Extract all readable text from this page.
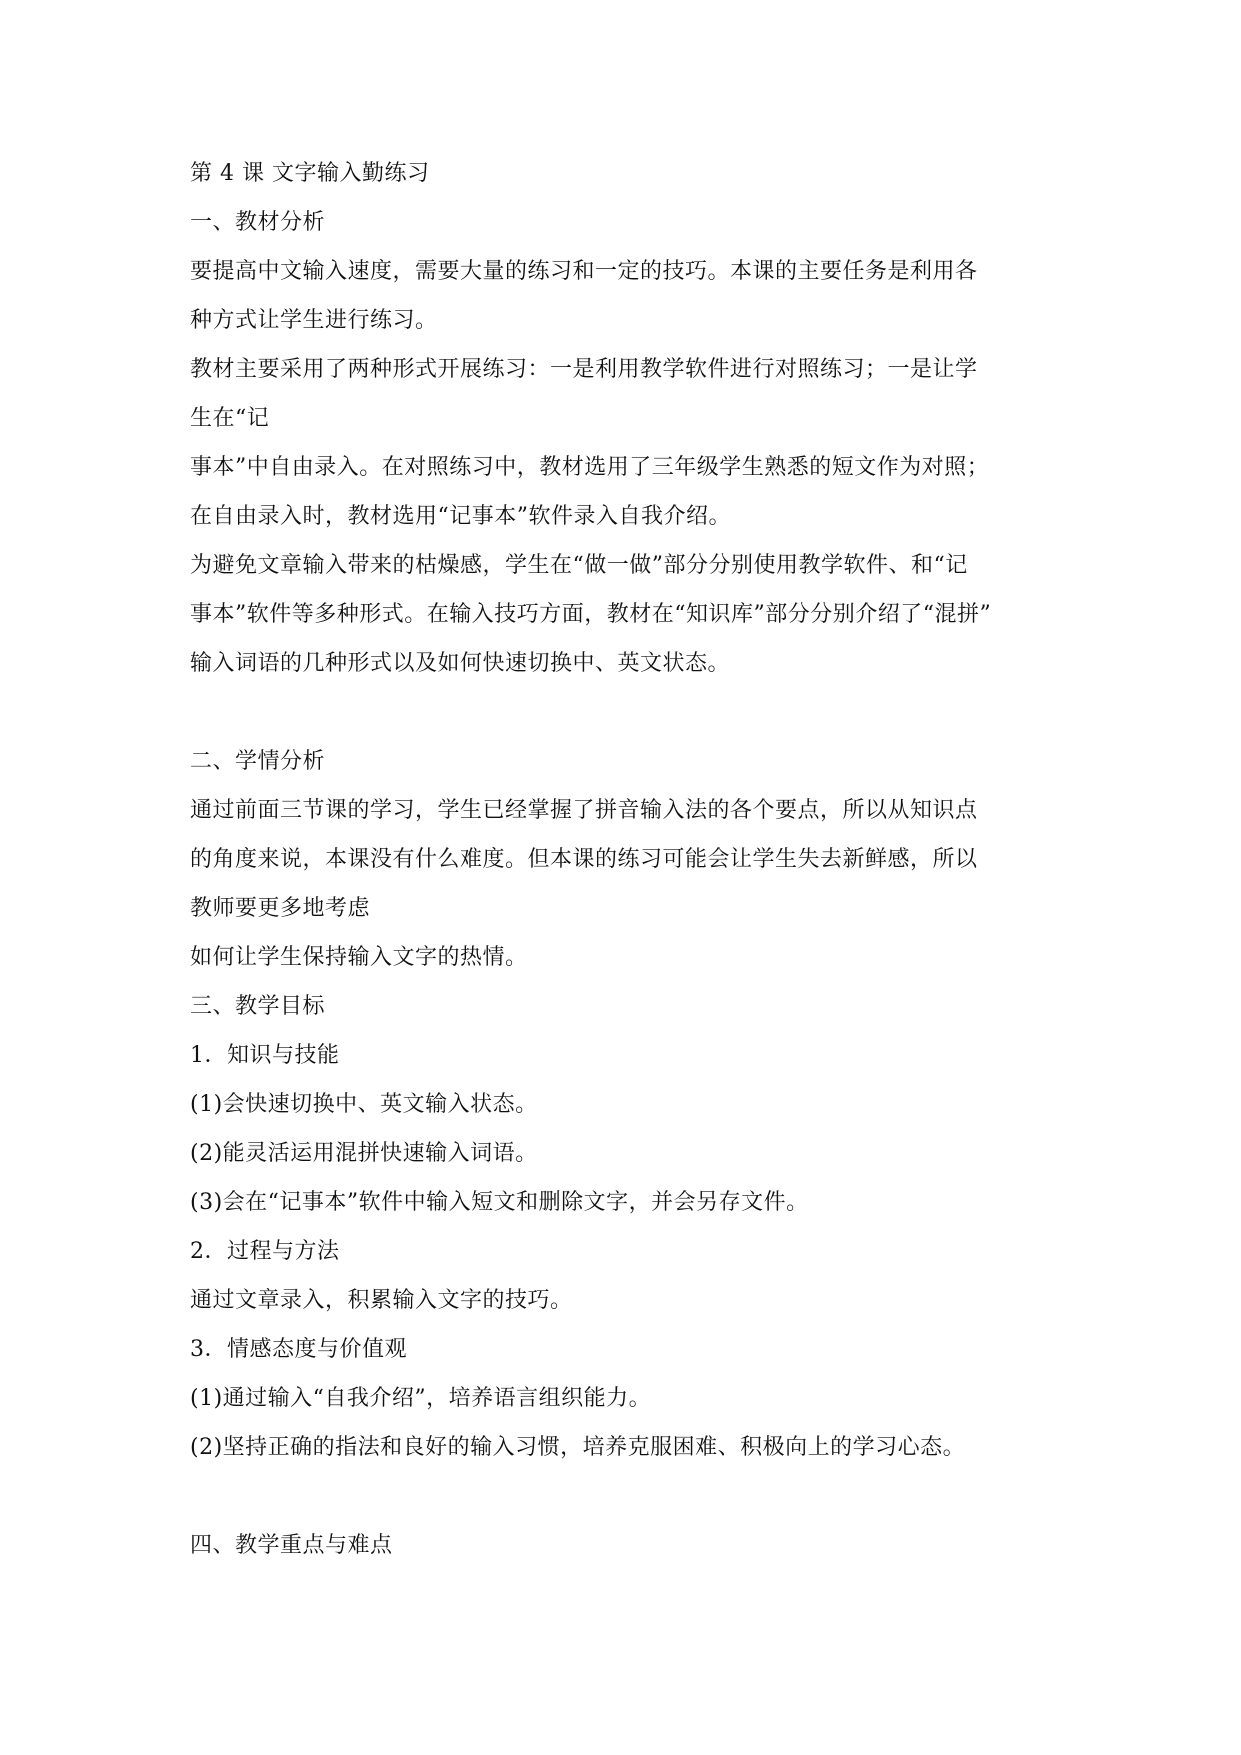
第 4 课 文字输入勤练习

一、教材分析

要提高中文输入速度，需要大量的练习和一定的技巧。本课的主要任务是利用各

种方式让学生进行练习。

教材主要采用了两种形式开展练习：一是利用教学软件进行对照练习；一是让学

生在“记

事本”中自由录入。在对照练习中，教材选用了三年级学生熟悉的短文作为对照；

在自由录入时，教材选用“记事本”软件录入自我介绍。

为避免文章输入带来的枯燥感，学生在“做一做”部分分别使用教学软件、和“记

事本”软件等多种形式。在输入技巧方面，教材在“知识库”部分分别介绍了“混拼”

输入词语的几种形式以及如何快速切换中、英文状态。

二、学情分析

通过前面三节课的学习，学生已经掌握了拼音输入法的各个要点，所以从知识点

的角度来说，本课没有什么难度。但本课的练习可能会让学生失去新鲜感，所以

教师要更多地考虑

如何让学生保持输入文字的热情。

三、教学目标

1．知识与技能

(1)会快速切换中、英文输入状态。

(2)能灵活运用混拼快速输入词语。

(3)会在“记事本”软件中输入短文和删除文字，并会另存文件。

2．过程与方法

通过文章录入，积累输入文字的技巧。

3．情感态度与价值观

(1)通过输入“自我介绍”，培养语言组织能力。

(2)坚持正确的指法和良好的输入习惯，培养克服困难、积极向上的学习心态。

四、教学重点与难点
